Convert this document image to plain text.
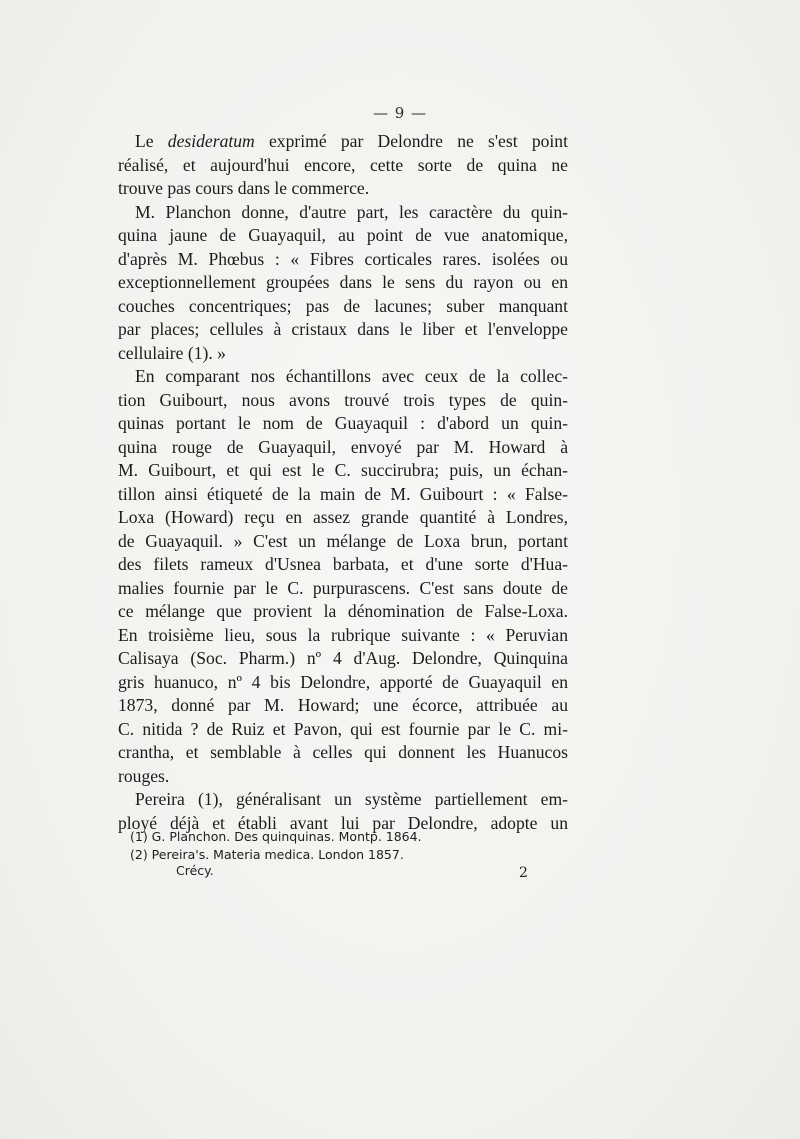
— 9 —
Le desideratum exprimé par Delondre ne s'est point
réalisé, et aujourd'hui encore, cette sorte de quina ne
trouve pas cours dans le commerce.
M. Planchon donne, d'autre part, les caractère du quin-
quina jaune de Guayaquil, au point de vue anatomique,
d'après M. Phœbus : « Fibres corticales rares. isolées ou
exceptionnellement groupées dans le sens du rayon ou en
couches concentriques; pas de lacunes; suber manquant
par places; cellules à cristaux dans le liber et l'enveloppe
cellulaire (1). »
En comparant nos échantillons avec ceux de la collec-
tion Guibourt, nous avons trouvé trois types de quin-
quinas portant le nom de Guayaquil : d'abord un quin-
quina rouge de Guayaquil, envoyé par M. Howard à
M. Guibourt, et qui est le C. succirubra; puis, un échan-
tillon ainsi étiqueté de la main de M. Guibourt : « False-
Loxa (Howard) reçu en assez grande quantité à Londres,
de Guayaquil. » C'est un mélange de Loxa brun, portant
des filets rameux d'Usnea barbata, et d'une sorte d'Hua-
malies fournie par le C. purpurascens. C'est sans doute de
ce mélange que provient la dénomination de False-Loxa.
En troisième lieu, sous la rubrique suivante : « Peruvian
Calisaya (Soc. Pharm.) nº 4 d'Aug. Delondre, Quinquina
gris huanuco, nº 4 bis Delondre, apporté de Guayaquil en
1873, donné par M. Howard; une écorce, attribuée au
C. nitida ? de Ruiz et Pavon, qui est fournie par le C. mi-
crantha, et semblable à celles qui donnent les Huanucos
rouges.
Pereira (1), généralisant un système partiellement em-
ployé déjà et établi avant lui par Delondre, adopte un
(1) G. Planchon. Des quinquinas. Montp. 1864.
(2) Pereira's. Materia medica. London 1857.
Crécy.	2
